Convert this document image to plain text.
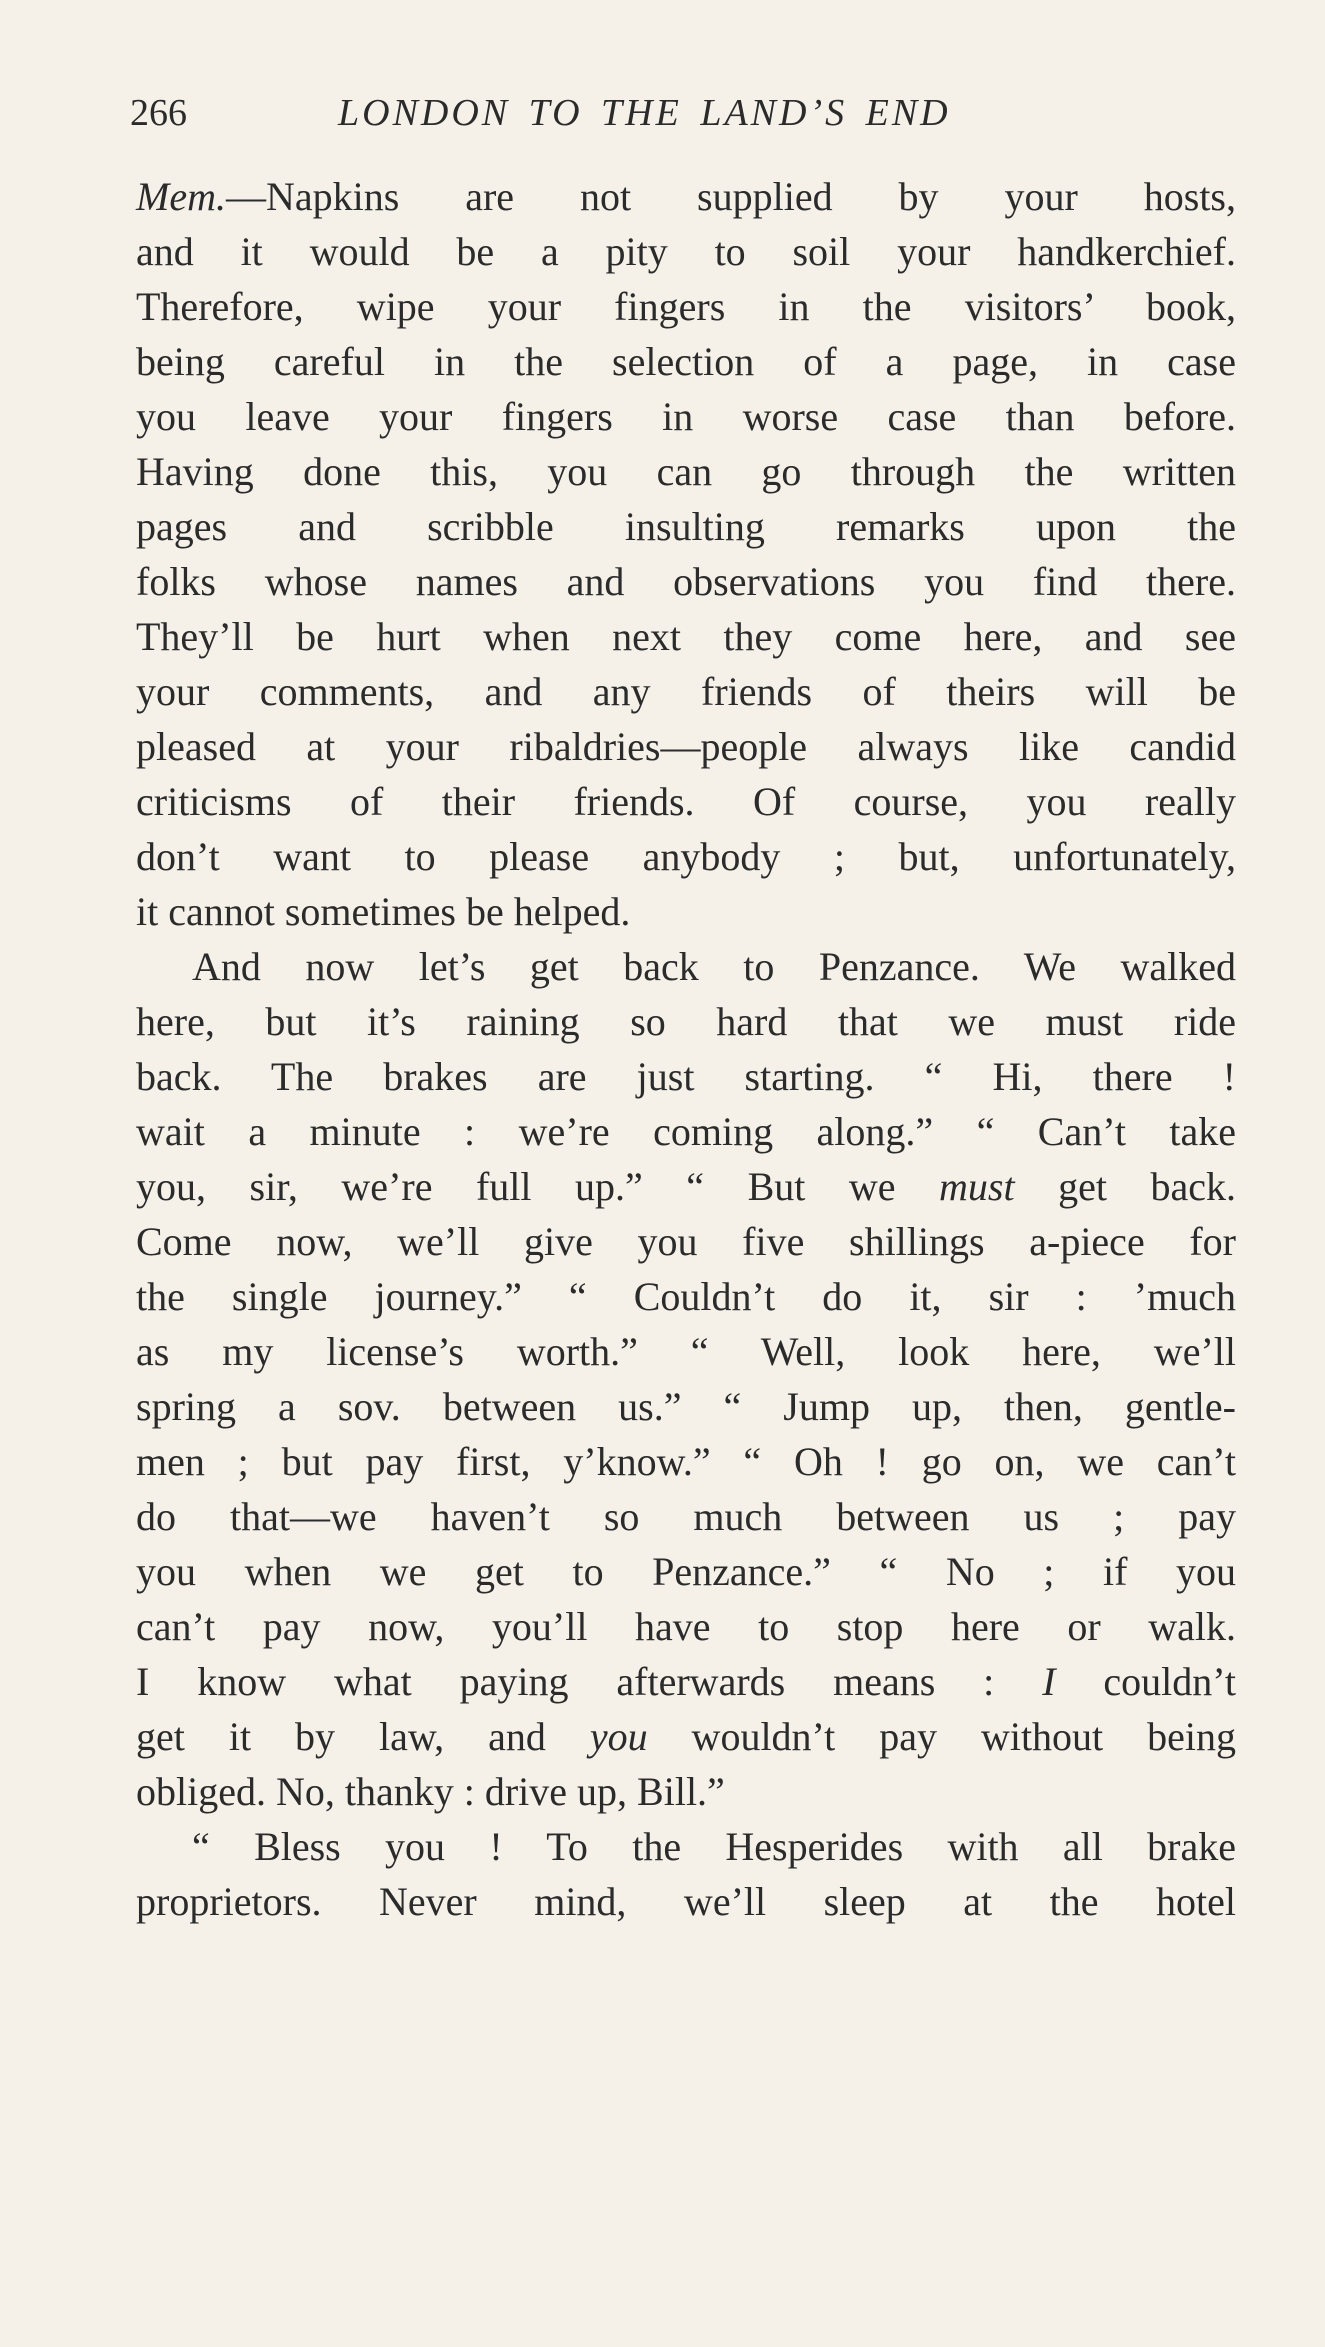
266	LONDON TO THE LAND’S END
Mem.—Napkins are not supplied by your hosts,
and it would be a pity to soil your handkerchief.
Therefore, wipe your fingers in the visitors’ book,
being careful in the selection of a page, in case
you leave your fingers in worse case than before.
Having done this, you can go through the written
pages and scribble insulting remarks upon the
folks whose names and observations you find there.
They’ll be hurt when next they come here, and see
your comments, and any friends of theirs will be
pleased at your ribaldries—people always like candid
criticisms of their friends. Of course, you really
don’t want to please anybody ; but, unfortunately,
it cannot sometimes be helped.
And now let’s get back to Penzance. We walked
here, but it’s raining so hard that we must ride
back. The brakes are just starting. “ Hi, there !
wait a minute : we’re coming along.” “ Can’t take
you, sir, we’re full up.” “ But we must get back.
Come now, we’ll give you five shillings a-piece for
the single journey.” “ Couldn’t do it, sir : ’much
as my license’s worth.” “ Well, look here, we’ll
spring a sov. between us.” “ Jump up, then, gentle-
men ; but pay first, y’know.” “ Oh ! go on, we can’t
do that—we haven’t so much between us ; pay
you when we get to Penzance.” “ No ; if you
can’t pay now, you’ll have to stop here or walk.
I know what paying afterwards means : I couldn’t
get it by law, and you wouldn’t pay without being
obliged. No, thanky : drive up, Bill.”
“ Bless you ! To the Hesperides with all brake
proprietors. Never mind, we’ll sleep at the hotel
